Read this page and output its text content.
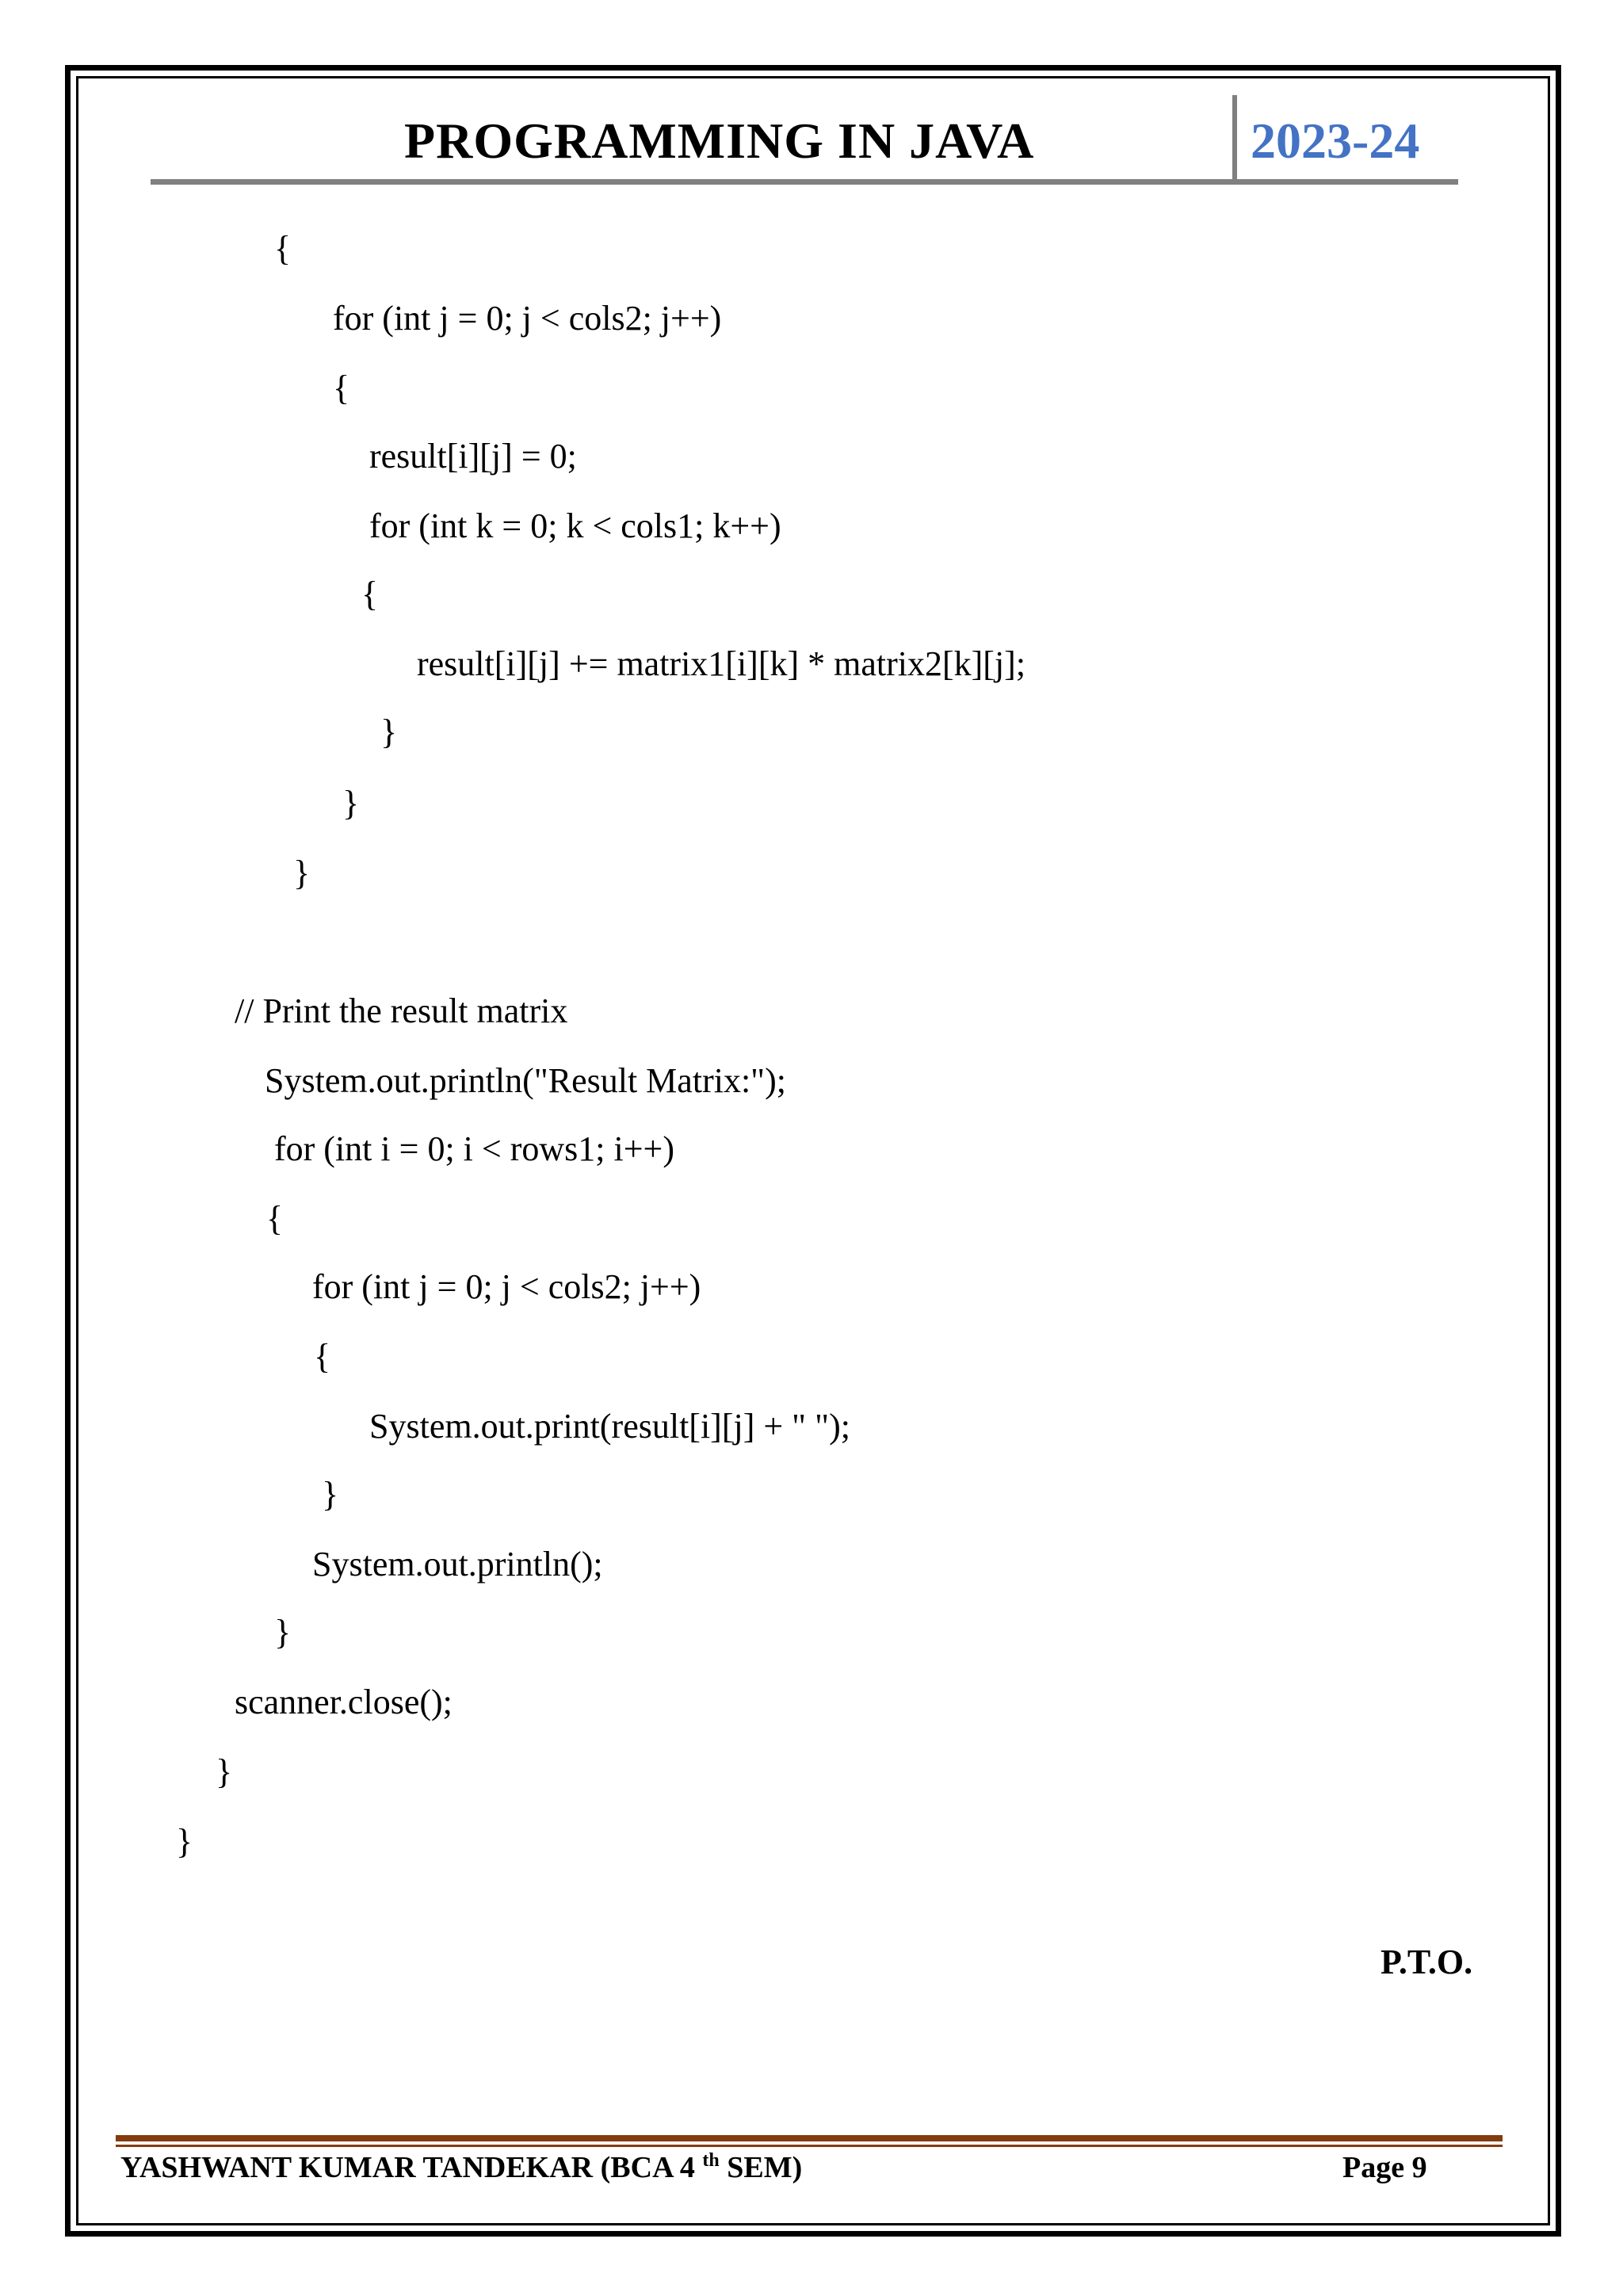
PROGRAMMING IN JAVA	2023-24
{
for (int j = 0; j < cols2; j++)
{
result[i][j] = 0;
for (int k = 0; k < cols1; k++)
{
result[i][j] += matrix1[i][k] * matrix2[k][j];
}
}
}
// Print the result matrix
System.out.println("Result Matrix:");
for (int i = 0; i < rows1; i++)
{
for (int j = 0; j < cols2; j++)
{
System.out.print(result[i][j] + " ");
}
System.out.println();
}
scanner.close();
}
}
P.T.O.
YASHWANT KUMAR TANDEKAR (BCA 4 $^{th}$ SEM)	Page 9
